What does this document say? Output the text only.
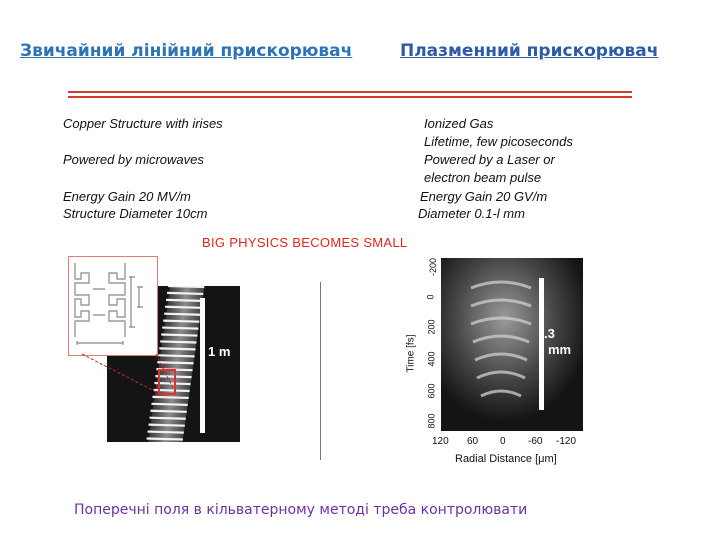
Звичайний лінійний прискорювач	Плазменний прискорювач
Copper Structure with irises
Powered by microwaves
Energy Gain 20 MV/m
Structure Diameter 10cm
Ionized Gas
Lifetime, few picoseconds
Powered by a Laser or
electron beam pulse
Energy Gain 20 GV/m
Diameter 0.1-l mm
BIG PHYSICS BECOMES SMALL
1 m
.3
mm
-200
0
200
400
600
800
Time [fs]
120 60 0 -60 -120
Radial Distance [μm]
Поперечні поля в кільватерному методі треба контролювати
